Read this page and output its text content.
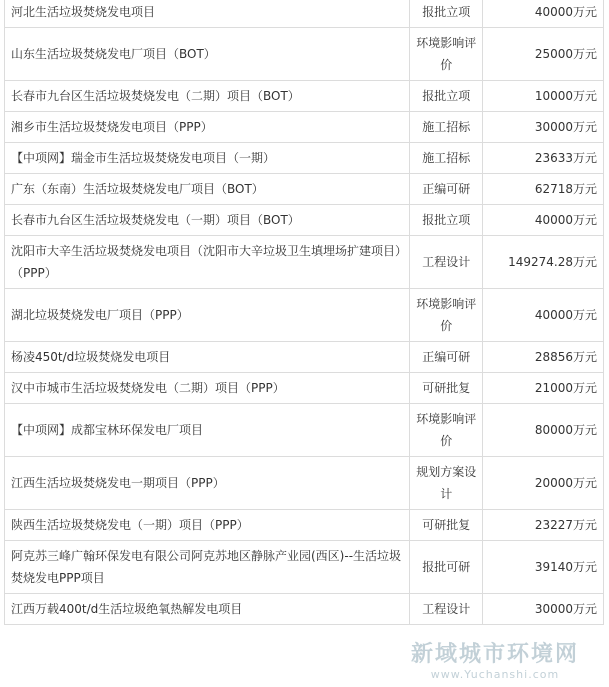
河北生活垃圾焚烧发电项目	报批立项	40000万元
山东生活垃圾焚烧发电厂项目（BOT）	环境影响评价	25000万元
长春市九台区生活垃圾焚烧发电（二期）项目（BOT）	报批立项	10000万元
湘乡市生活垃圾焚烧发电项目（PPP）	施工招标	30000万元
【中项网】瑞金市生活垃圾焚烧发电项目（一期）	施工招标	23633万元
广东（东南）生活垃圾焚烧发电厂项目（BOT）	正编可研	62718万元
长春市九台区生活垃圾焚烧发电（一期）项目（BOT）	报批立项	40000万元
沈阳市大辛生活垃圾焚烧发电项目（沈阳市大辛垃圾卫生填埋场扩建项目）（PPP）	工程设计	149274.28万元
湖北垃圾焚烧发电厂项目（PPP）	环境影响评价	40000万元
杨凌450t/d垃圾焚烧发电项目	正编可研	28856万元
汉中市城市生活垃圾焚烧发电（二期）项目（PPP）	可研批复	21000万元
【中项网】成都宝林环保发电厂项目	环境影响评价	80000万元
江西生活垃圾焚烧发电一期项目（PPP）	规划方案设计	20000万元
陕西生活垃圾焚烧发电（一期）项目（PPP）	可研批复	23227万元
阿克苏三峰广翰环保发电有限公司阿克苏地区静脉产业园(西区)--生活垃圾焚烧发电PPP项目	报批可研	39140万元
江西万载400t/d生活垃圾绝氧热解发电项目	工程设计	30000万元
新域城市环境网
www.Yuchanshi.com
